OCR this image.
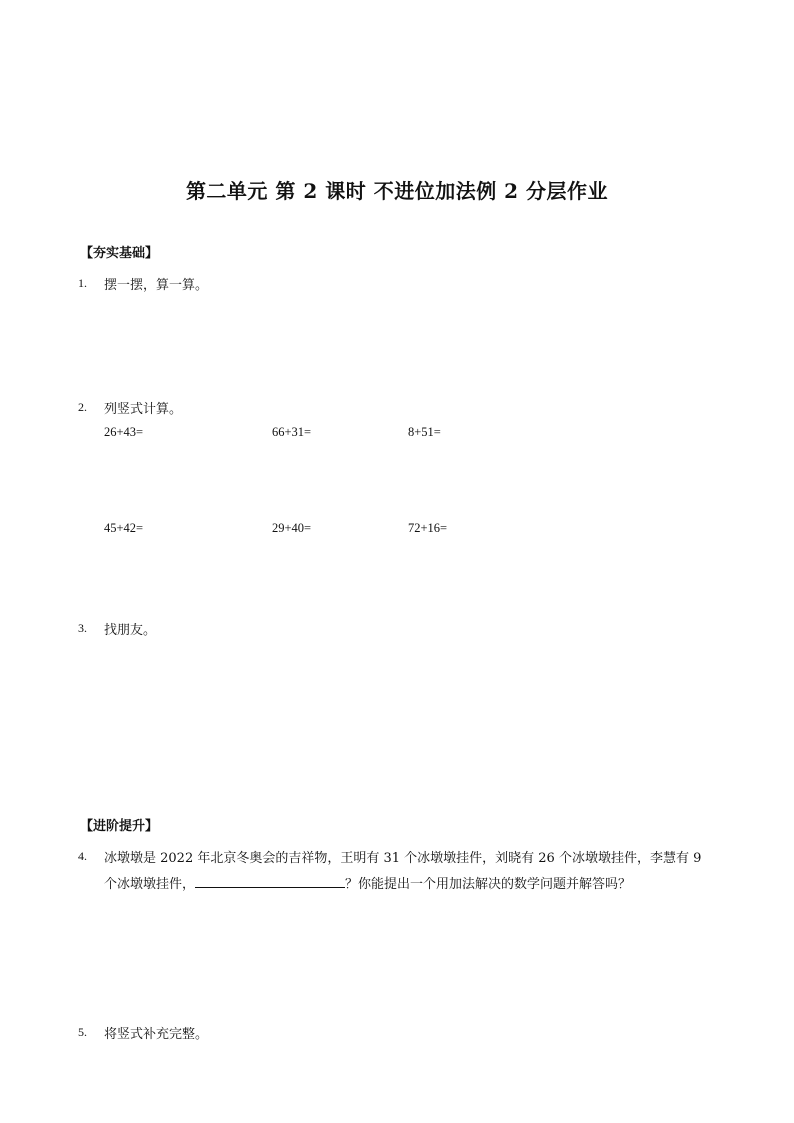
第二单元 第 2 课时 不进位加法例 2 分层作业
【夯实基础】
1. 摆一摆，算一算。
2. 列竖式计算。
26+43=	66+31=	8+51=
45+42=	29+40=	72+16=
3. 找朋友。
【进阶提升】
4. 冰墩墩是 2022 年北京冬奥会的吉祥物，王明有 31 个冰墩墩挂件，刘晓有 26 个冰墩墩挂件，李慧有 9
个冰墩墩挂件，	？你能提出一个用加法解决的数学问题并解答吗？
5. 将竖式补充完整。
